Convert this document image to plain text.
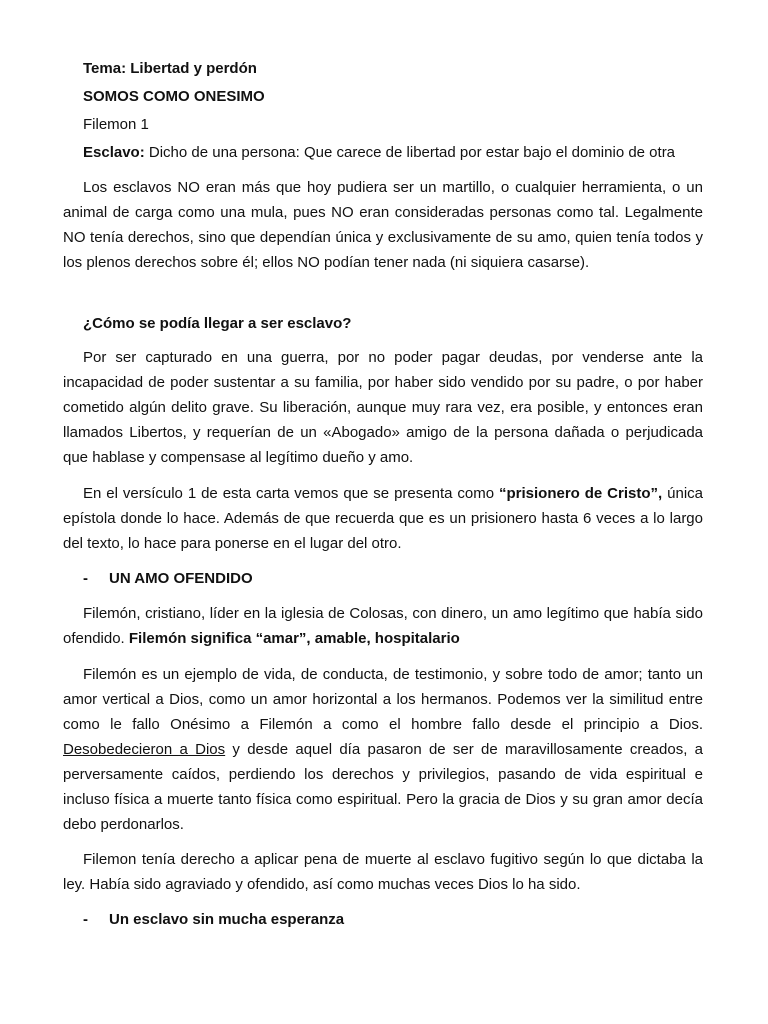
Tema: Libertad y perdón

SOMOS COMO ONESIMO

Filemon 1

Esclavo: Dicho de una persona: Que carece de libertad por estar bajo el dominio de otra

Los esclavos NO eran más que hoy pudiera ser un martillo, o cualquier herramienta, o un animal de carga como una mula, pues NO eran consideradas personas como tal. Legalmente NO tenía derechos, sino que dependían única y exclusivamente de su amo, quien tenía todos y los plenos derechos sobre él; ellos NO podían tener nada (ni siquiera casarse).

¿Cómo se podía llegar a ser esclavo?

Por ser capturado en una guerra, por no poder pagar deudas, por venderse ante la incapacidad de poder sustentar a su familia, por haber sido vendido por su padre, o por haber cometido algún delito grave. Su liberación, aunque muy rara vez, era posible, y entonces eran llamados Libertos, y requerían de un «Abogado» amigo de la persona dañada o perjudicada que hablase y compensase al legítimo dueño y amo.

En el versículo 1 de esta carta vemos que se presenta como “prisionero de Cristo”, única epístola donde lo hace. Además de que recuerda que es un prisionero hasta 6 veces a lo largo del texto, lo hace para ponerse en el lugar del otro.

- UN AMO OFENDIDO

Filemón, cristiano, líder en la iglesia de Colosas, con dinero, un amo legítimo que había sido ofendido. Filemón significa “amar”, amable, hospitalario

Filemón es un ejemplo de vida, de conducta, de testimonio, y sobre todo de amor; tanto un amor vertical a Dios, como un amor horizontal a los hermanos. Podemos ver la similitud entre como le fallo Onésimo a Filemón a como el hombre fallo desde el principio a Dios. Desobedecieron a Dios y desde aquel día pasaron de ser de maravillosamente creados, a perversamente caídos, perdiendo los derechos y privilegios, pasando de vida espiritual e incluso física a muerte tanto física como espiritual. Pero la gracia de Dios y su gran amor decía debo perdonarlos.

Filemon tenía derecho a aplicar pena de muerte al esclavo fugitivo según lo que dictaba la ley. Había sido agraviado y ofendido, así como muchas veces Dios lo ha sido.

- Un esclavo sin mucha esperanza
